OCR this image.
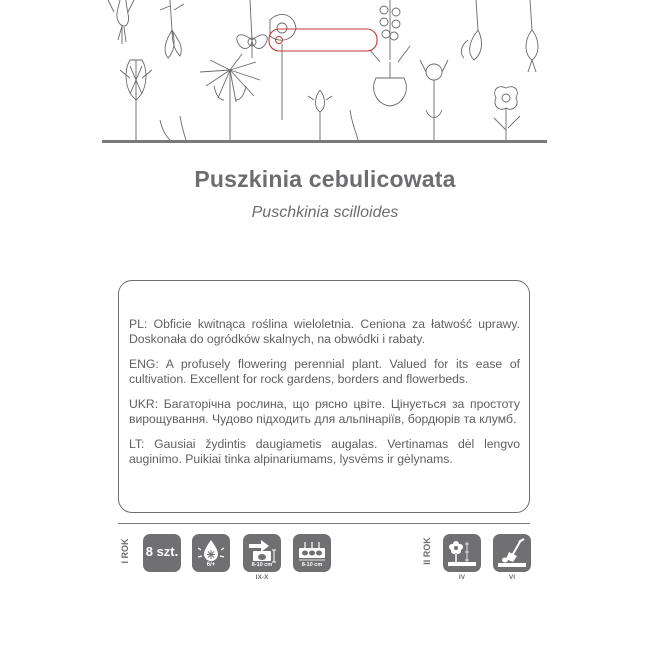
Puszkinia cebulicowata
Puschkinia scilloides

PL: Obficie kwitnąca roślina wieloletnia. Ceniona za łatwość uprawy. Doskonała do ogródków skalnych, na obwódki i rabaty.

ENG: A profusely flowering perennial plant. Valued for its ease of cultivation. Excellent for rock gardens, borders and flowerbeds.

UKR: Багаторічна рослина, що рясно цвіте. Цінується за простоту вирощування. Чудово підходить для альпінаріїв, бордюрів та клумб.

LT: Gausiai žydintis daugiametis augalas. Vertinamas dėl lengvo auginimo. Puikiai tinka alpinariumams, lysvėms ir gėlynams.

I ROK 8 szt.
6/+	8-10 cm
IX-X
8-10 cm
II ROK
IV	VI
